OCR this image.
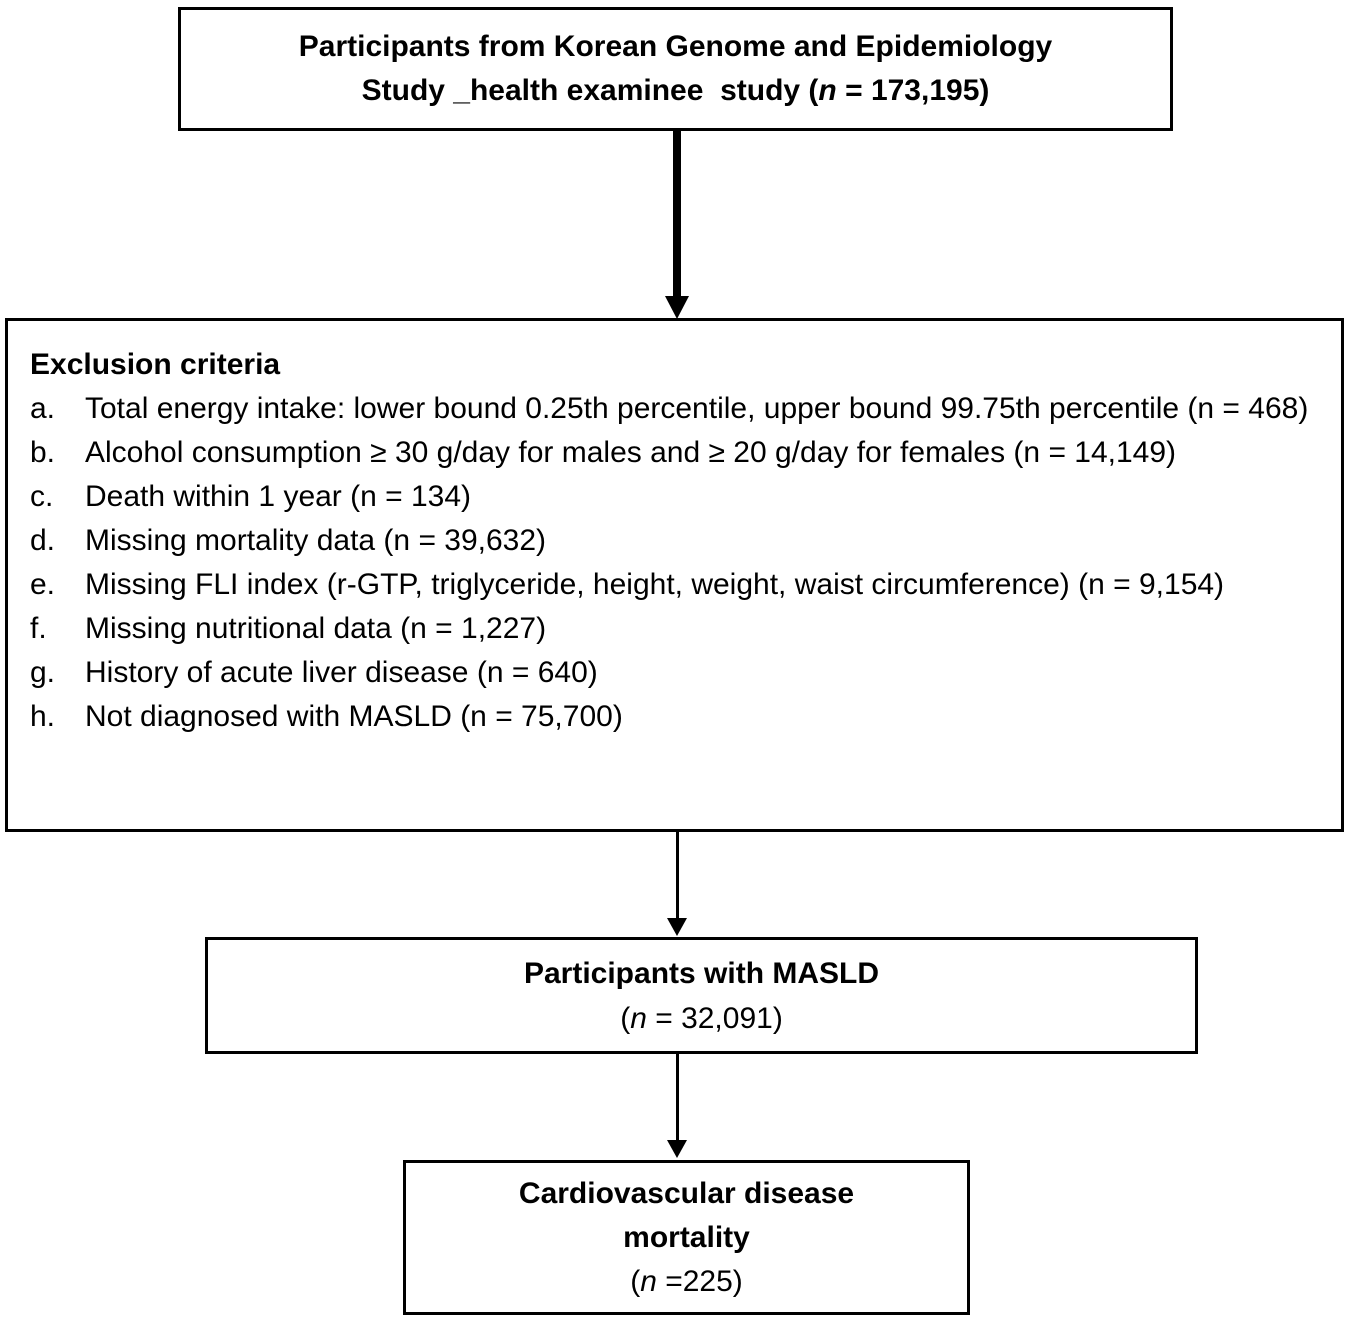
Participants from Korean Genome and Epidemiology
Study _health examinee  study (n = 173,195)
Exclusion criteria
a. Total energy intake: lower bound 0.25th percentile, upper bound 99.75th percentile (n = 468)
b. Alcohol consumption ≥ 30 g/day for males and ≥ 20 g/day for females (n = 14,149)
c.	Death within 1 year (n = 134)
d. Missing mortality data (n = 39,632)
e. Missing FLI index (r-GTP, triglyceride, height, weight, waist circumference) (n = 9,154)
f.	Missing nutritional data (n = 1,227)
g. History of acute liver disease (n = 640)
h. Not diagnosed with MASLD (n = 75,700)
Participants with MASLD
(n = 32,091)
Cardiovascular disease
mortality
(n =225)
